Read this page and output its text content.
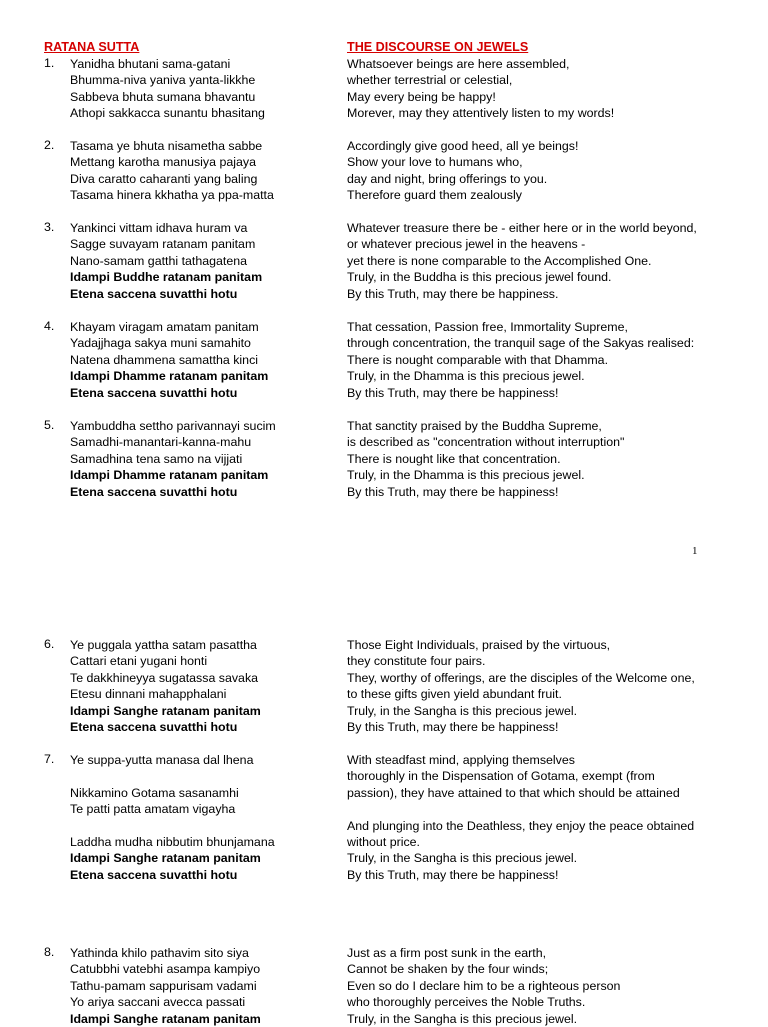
RATANA SUTTA	THE DISCOURSE ON JEWELS
1. Yanidha bhutani sama-gatani
Bhumma-niva yaniva yanta-likkhe
Sabbeva bhuta sumana bhavantu
Athopi sakkacca sunantu bhasitang
Whatsoever beings are here assembled,
whether terrestrial or celestial,
May every being be happy!
Morever, may they attentively listen to my words!
2. Tasama ye bhuta nisametha sabbe
Mettang karotha manusiya pajaya
Diva caratto caharanti yang baling
Tasama hinera kkhatha ya ppa-matta
Accordingly give good heed, all ye beings!
Show your love to humans who,
day and night, bring offerings to you.
Therefore guard them zealously
3. Yankinci vittam idhava huram va
Sagge suvayam ratanam panitam
Nano-samam gatthi tathagatena
Idampi Buddhe ratanam panitam
Etena saccena suvatthi hotu
Whatever treasure there be - either here or in the world beyond,
or whatever precious jewel in the heavens -
yet there is none comparable to the Accomplished One.
Truly, in the Buddha is this precious jewel found.
By this Truth, may there be happiness.
4. Khayam viragam amatam panitam
Yadajjhaga sakya muni samahito
Natena dhammena samattha kinci
Idampi Dhamme ratanam panitam
Etena saccena suvatthi hotu
That cessation, Passion free, Immortality Supreme,
through concentration, the tranquil sage of the Sakyas realised:
There is nought comparable with that Dhamma.
Truly, in the Dhamma is this precious jewel.
By this Truth, may there be happiness!
5. Yambuddha settho parivannayi sucim
Samadhi-manantari-kanna-mahu
Samadhina tena samo na vijjati
Idampi Dhamme ratanam panitam
Etena saccena suvatthi hotu
That sanctity praised by the Buddha Supreme,
is described as "concentration without interruption"
There is nought like that concentration.
Truly, in the Dhamma is this precious jewel.
By this Truth, may there be happiness!
6. Ye puggala yattha satam pasattha
Cattari etani yugani honti
Te dakkhineyya sugatassa savaka
Etesu dinnani mahapphalani
Idampi Sanghe ratanam panitam
Etena saccena suvatthi hotu
Those Eight Individuals, praised by the virtuous,
they constitute four pairs.
They, worthy of offerings, are the disciples of the Welcome one,
to these gifts given yield abundant fruit.
Truly, in the Sangha is this precious jewel.
By this Truth, may there be happiness!
7. Ye suppa-yutta manasa dal lhena
Nikkamino Gotama sasanamhi
Te patti patta amatam vigayha
Laddha mudha nibbutim bhunjamana
Idampi Sanghe ratanam panitam
Etena saccena suvatthi hotu
With steadfast mind, applying themselves
thoroughly in the Dispensation of Gotama, exempt (from
passion), they have attained to that which should be attained
And plunging into the Deathless, they enjoy the peace obtained
without price.
Truly, in the Sangha is this precious jewel.
By this Truth, may there be happiness!
8. Yathinda khilo pathavim sito siya
Catubbhi vatebhi asampa kampiyo
Tathu-pamam sappurisam vadami
Yo ariya saccani avecca passati
Idampi Sanghe ratanam panitam
Just as a firm post sunk in the earth,
Cannot be shaken by the four winds;
Even so do I declare him to be a righteous person
who thoroughly perceives the Noble Truths.
Truly, in the Sangha is this precious jewel.
1
